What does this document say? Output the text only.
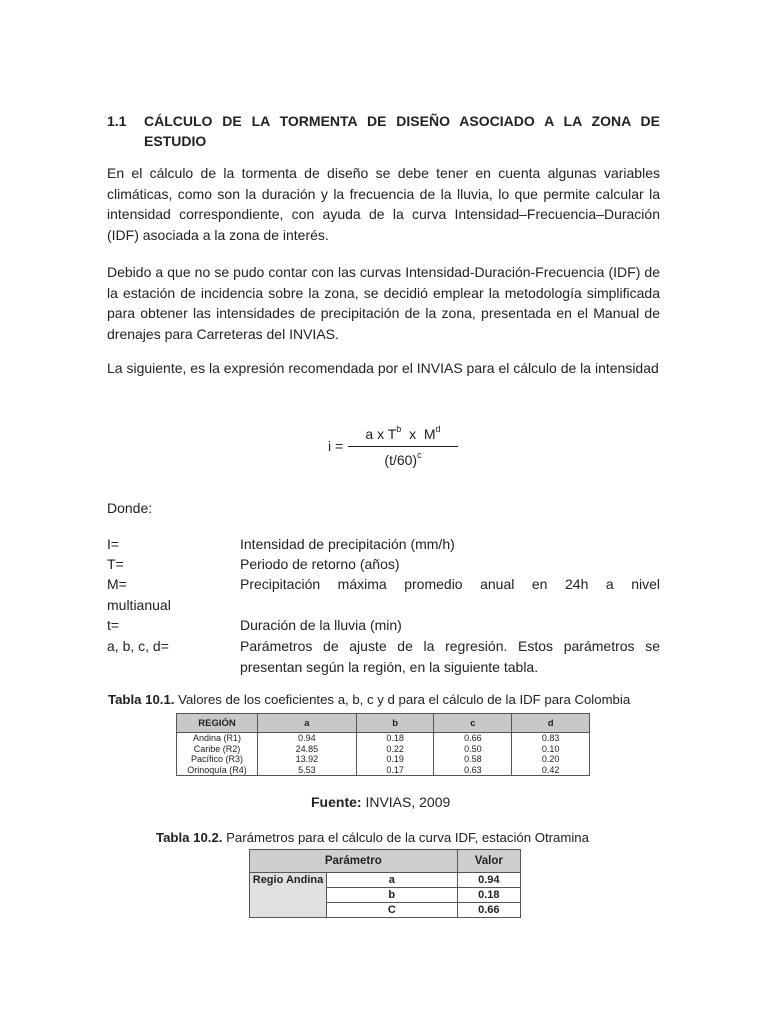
1.1 CÁLCULO DE LA TORMENTA DE DISEÑO ASOCIADO A LA ZONA DE
ESTUDIO
En el cálculo de la tormenta de diseño se debe tener en cuenta algunas variables climáticas, como son la duración y la frecuencia de la lluvia, lo que permite calcular la intensidad correspondiente, con ayuda de la curva Intensidad–Frecuencia–Duración (IDF) asociada a la zona de interés.
Debido a que no se pudo contar con las curvas Intensidad-Duración-Frecuencia (IDF) de la estación de incidencia sobre la zona, se decidió emplear la metodología simplificada para obtener las intensidades de precipitación de la zona, presentada en el Manual de drenajes para Carreteras del INVIAS.
La siguiente, es la expresión recomendada por el INVIAS para el cálculo de la intensidad
i =
a x $T^b$  x  $M^d$
$(t/60)^c$
Donde:
I=	Intensidad de precipitación (mm/h)
T=	Periodo de retorno (años)
M=	Precipitación máxima promedio anual en 24h a nivel
multianual
t=	Duración de la lluvia (min)
a, b, c, d=	Parámetros de ajuste de la regresión. Estos parámetros se presentan según la región, en la siguiente tabla.
Tabla 10.1. Valores de los coeficientes a, b, c y d para el cálculo de la IDF para Colombia
REGIÓN	a	b	c	d
Andina (R1)	0.94	0.18	0.66	0.83
Caribe (R2)	24.85	0.22	0.50	0.10
Pacífico (R3)	13.92	0.19	0.58	0.20
Orinoquía (R4)	5.53	0.17	0.63	0.42
Fuente: INVIAS, 2009
Tabla 10.2. Parámetros para el cálculo de la curva IDF, estación Otramina
Parámetro		Valor
Regio Andina	a	0.94
	b	0.18
	C	0.66
